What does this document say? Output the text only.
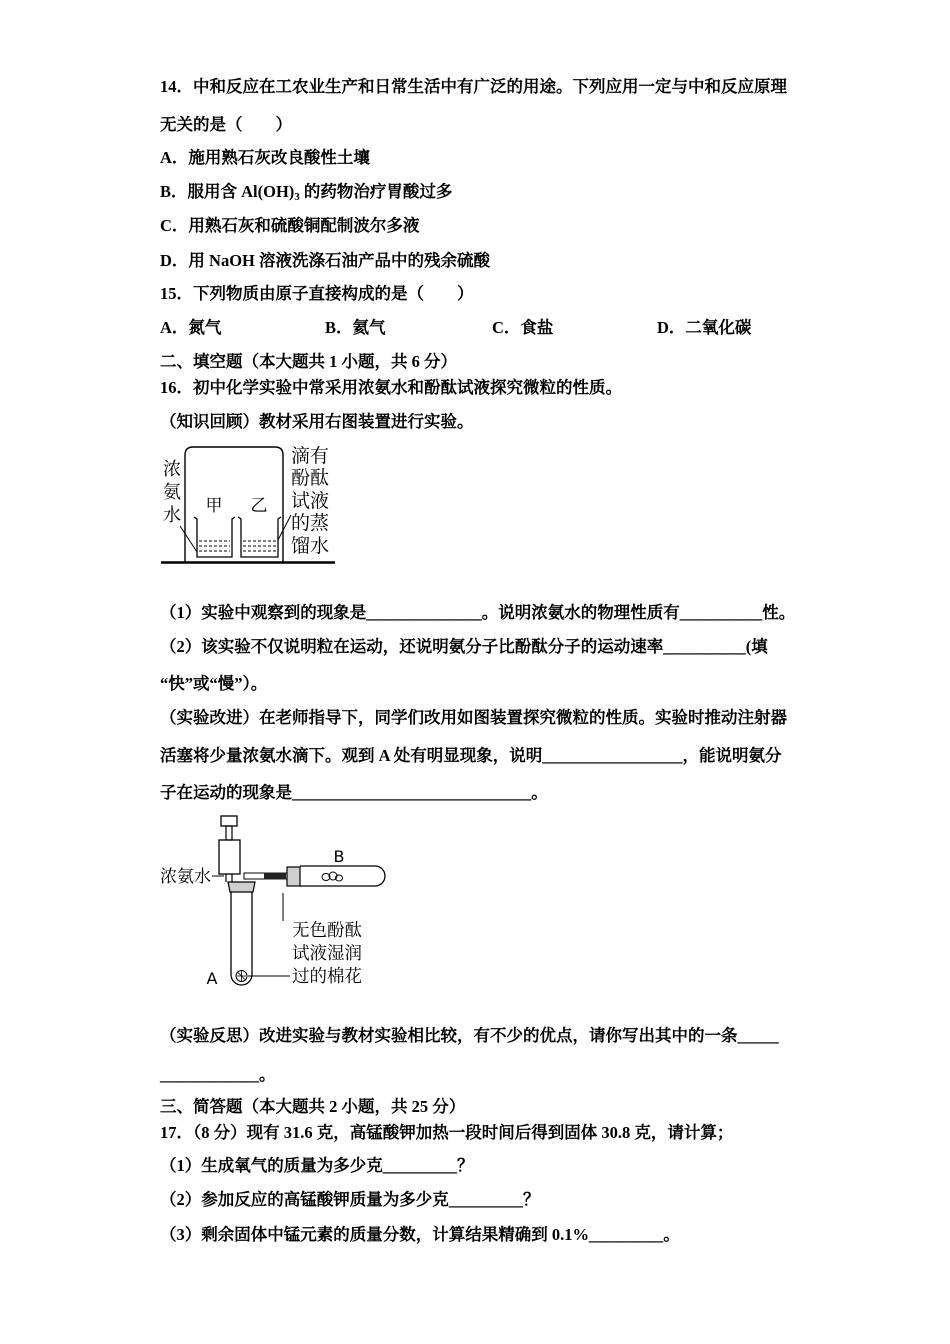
14．中和反应在工农业生产和日常生活中有广泛的用途。下列应用一定与中和反应原理
无关的是（　　）
A．施用熟石灰改良酸性土壤
B．服用含 $Al(OH)_3$ 的药物治疗胃酸过多
C．用熟石灰和硫酸铜配制波尔多液
D．用 NaOH 溶液洗涤石油产品中的残余硫酸
15．下列物质由原子直接构成的是（　　）
A．氮气	B．氦气	C．食盐	D．二氧化碳
二、填空题（本大题共 1 小题，共 6 分）
16．初中化学实验中常采用浓氨水和酚酞试液探究微粒的性质。
（知识回顾）教材采用右图装置进行实验。
浓
氨
水 甲 乙
滴有
酚酞
试液
的蒸
馏水
（1）实验中观察到的现象是______________。说明浓氨水的物理性质有__________性。
（2）该实验不仅说明粒在运动，还说明氨分子比酚酞分子的运动速率__________(填
“快”或“慢”）。
（实验改进）在老师指导下，同学们改用如图装置探究微粒的性质。实验时推动注射器
活塞将少量浓氨水滴下。观到 A 处有明显现象，说明_________________，能说明氨分
子在运动的现象是_____________________________。
浓氨水
B
A
无色酚酞
试液湿润
过的棉花
（实验反思）改进实验与教材实验相比较，有不少的优点，请你写出其中的一条_____
____________。
三、简答题（本大题共 2 小题，共 25 分）
17．（8 分）现有 31.6 克，高锰酸钾加热一段时间后得到固体 30.8 克，请计算；
（1）生成氧气的质量为多少克_________？
（2）参加反应的高锰酸钾质量为多少克_________？
（3）剩余固体中锰元素的质量分数，计算结果精确到 0.1%_________。
